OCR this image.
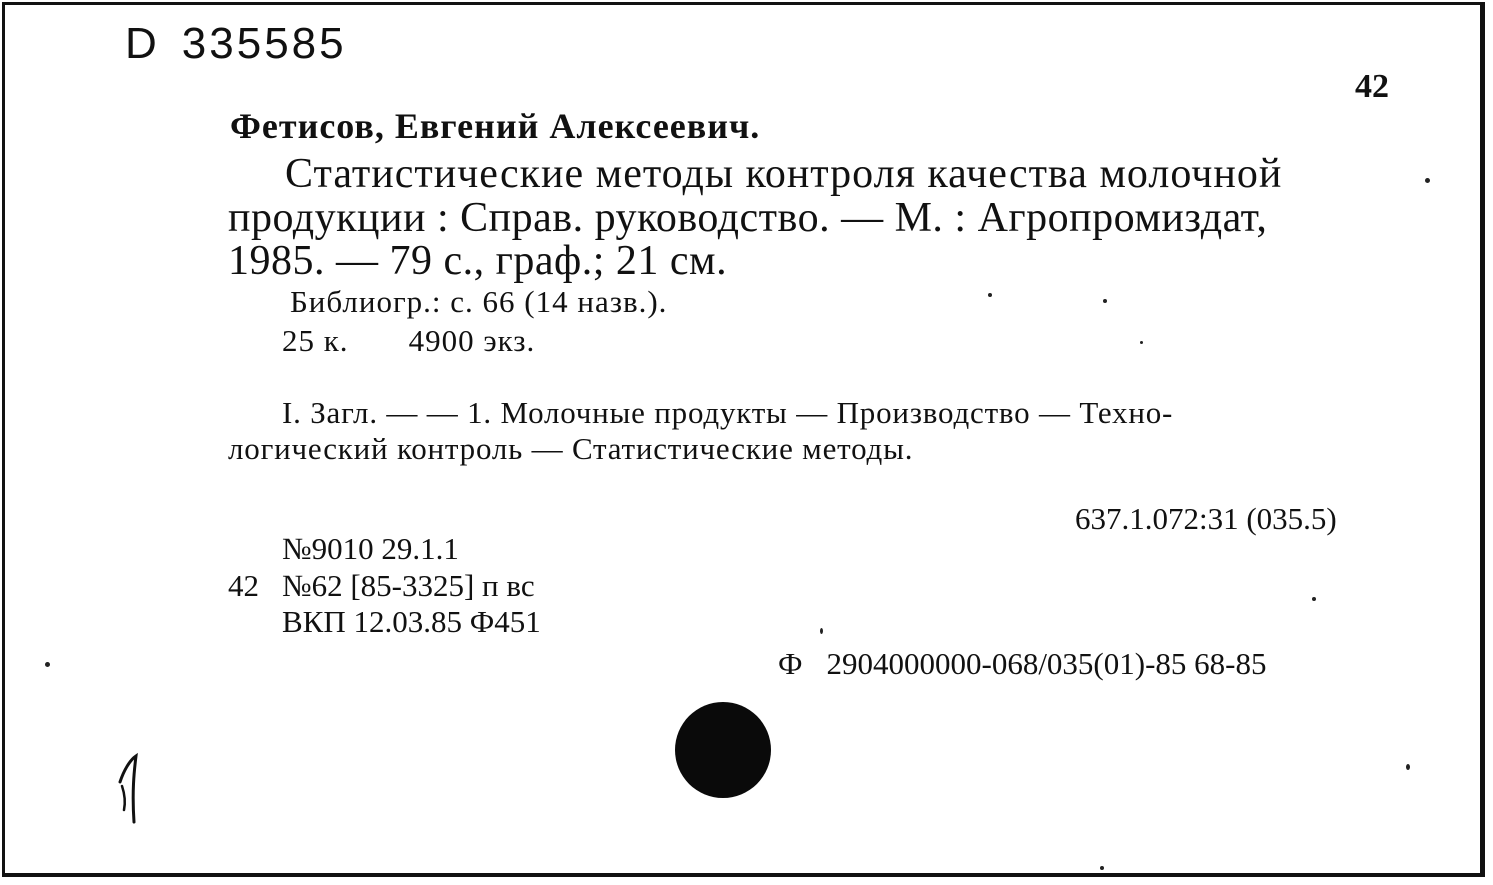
D 335585
42
Фетисов, Евгений Алексеевич.
Статистические методы контроля качества молочной
продукции : Справ. руководство. — М. : Агропромиздат,
1985. — 79 с., граф.; 21 см.
Библиогр.: с. 66 (14 назв.).
25 к. 4900 экз.
I. Загл. — — 1. Молочные продукты — Производство — Техно-
логический контроль — Статистические методы.
637.1.072:31 (035.5)
№9010 29.1.1
42 №62 [85-3325] п вс
ВКП 12.03.85 Ф451
Ф 2904000000-068/035(01)-85 68-85
